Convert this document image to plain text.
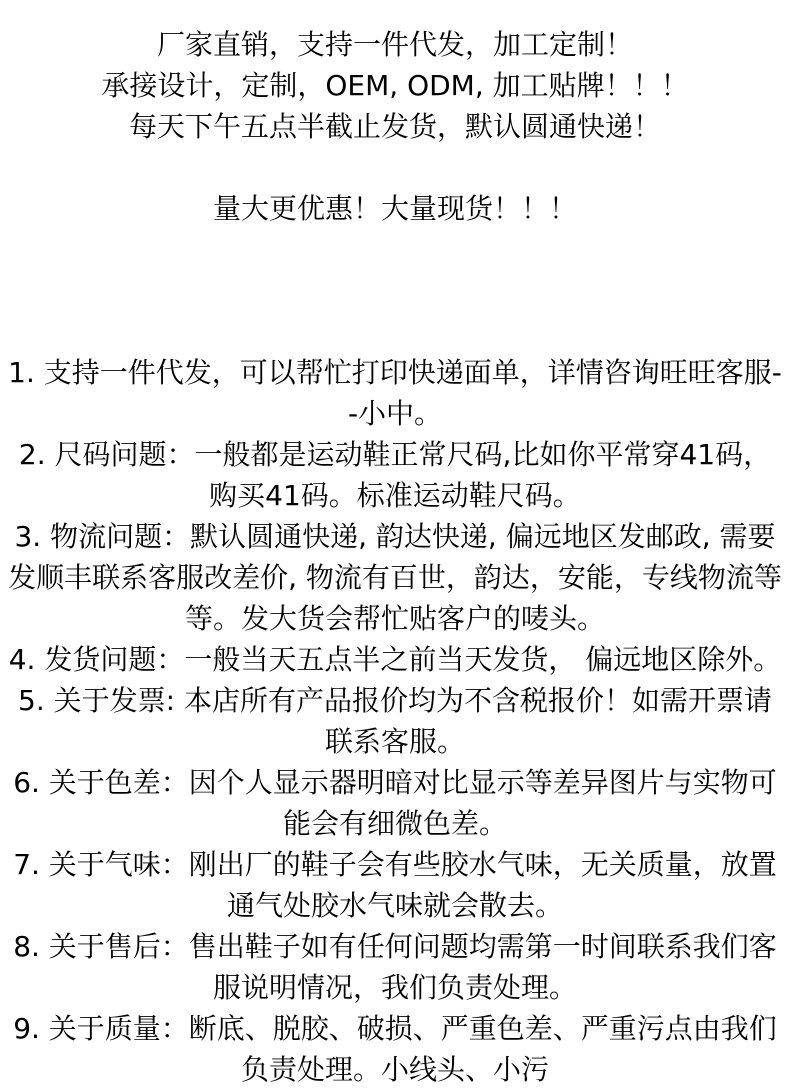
厂家直销，支持一件代发，加工定制！

承接设计，定制，OEM, ODM, 加工贴牌！！！

每天下午五点半截止发货，默认圆通快递！

量大更优惠！大量现货！！！

1. 支持一件代发，可以帮忙打印快递面单，详情咨询旺旺客服--小中。

2. 尺码问题：一般都是运动鞋正常尺码,比如你平常穿41码，购买41码。标准运动鞋尺码。

3. 物流问题：默认圆通快递, 韵达快递, 偏远地区发邮政, 需要发顺丰联系客服改差价, 物流有百世，韵达，安能，专线物流等等。发大货会帮忙贴客户的唛头。

4. 发货问题：一般当天五点半之前当天发货， 偏远地区除外。

5. 关于发票: 本店所有产品报价均为不含税报价！如需开票请联系客服。

6. 关于色差：因个人显示器明暗对比显示等差异图片与实物可能会有细微色差。

7. 关于气味：刚出厂的鞋子会有些胶水气味，无关质量，放置通气处胶水气味就会散去。

8. 关于售后：售出鞋子如有任何问题均需第一时间联系我们客服说明情况，我们负责处理。

9. 关于质量：断底、脱胶、破损、严重色差、严重污点由我们负责处理。小线头、小污
